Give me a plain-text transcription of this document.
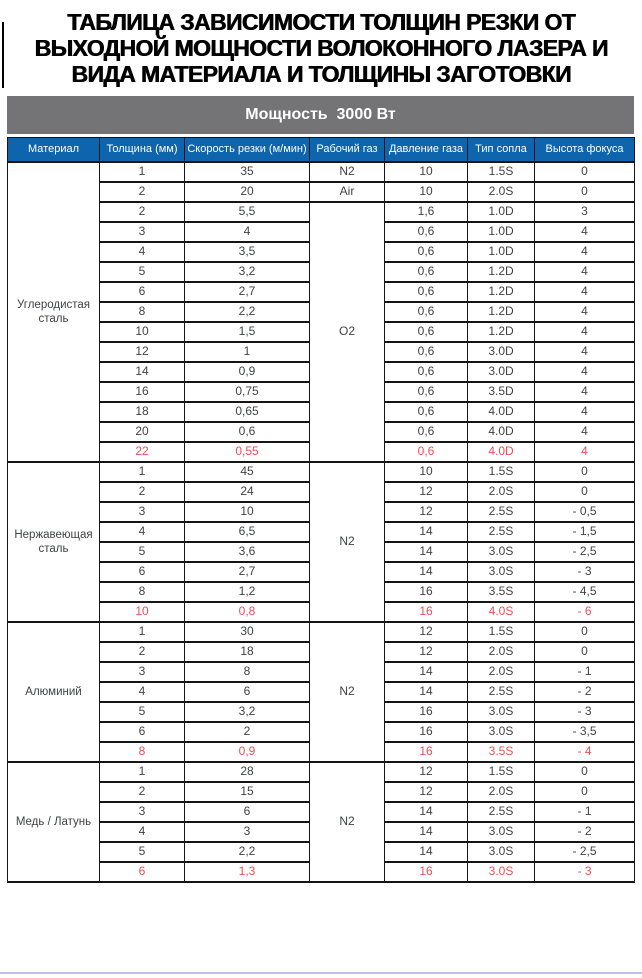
ТАБЛИЦА ЗАВИСИМОСТИ ТОЛЩИН РЕЗКИ ОТ
ВЫХОДНОЙ МОЩНОСТИ ВОЛОКОННОГО ЛАЗЕРА И
ВИДА МАТЕРИАЛА И ТОЛЩИНЫ ЗАГОТОВКИ
Мощность  3000 Вт
Материал	Толщина (мм)	Скорость резки (м/мин)	Рабочий газ	Давление газа	Тип сопла	Высота фокуса
Углеродистая сталь	1	35	N2	10	1.5S	0
	2	20	Air	10	2.0S	0
	2	5,5	O2	1,6	1.0D	3
	3	4		0,6	1.0D	4
	4	3,5		0,6	1.0D	4
	5	3,2		0,6	1.2D	4
	6	2,7		0,6	1.2D	4
	8	2,2		0,6	1.2D	4
	10	1,5		0,6	1.2D	4
	12	1		0,6	3.0D	4
	14	0,9		0,6	3.0D	4
	16	0,75		0,6	3.5D	4
	18	0,65		0,6	4.0D	4
	20	0,6		0,6	4.0D	4
	22	0,55		0,6	4.0D	4
Нержавеющая сталь	1	45	N2	10	1.5S	0
	2	24		12	2.0S	0
	3	10		12	2.5S	- 0,5
	4	6,5		14	2.5S	- 1,5
	5	3,6		14	3.0S	- 2,5
	6	2,7		14	3.0S	- 3
	8	1,2		16	3.5S	- 4,5
	10	0,8		16	4.0S	- 6
Алюминий	1	30	N2	12	1.5S	0
	2	18		12	2.0S	0
	3	8		14	2.0S	- 1
	4	6		14	2.5S	- 2
	5	3,2		16	3.0S	- 3
	6	2		16	3.0S	- 3,5
	8	0,9		16	3.5S	- 4
Медь / Латунь	1	28	N2	12	1.5S	0
	2	15		12	2.0S	0
	3	6		14	2.5S	- 1
	4	3		14	3.0S	- 2
	5	2,2		14	3.0S	- 2,5
	6	1,3		16	3.0S	- 3
